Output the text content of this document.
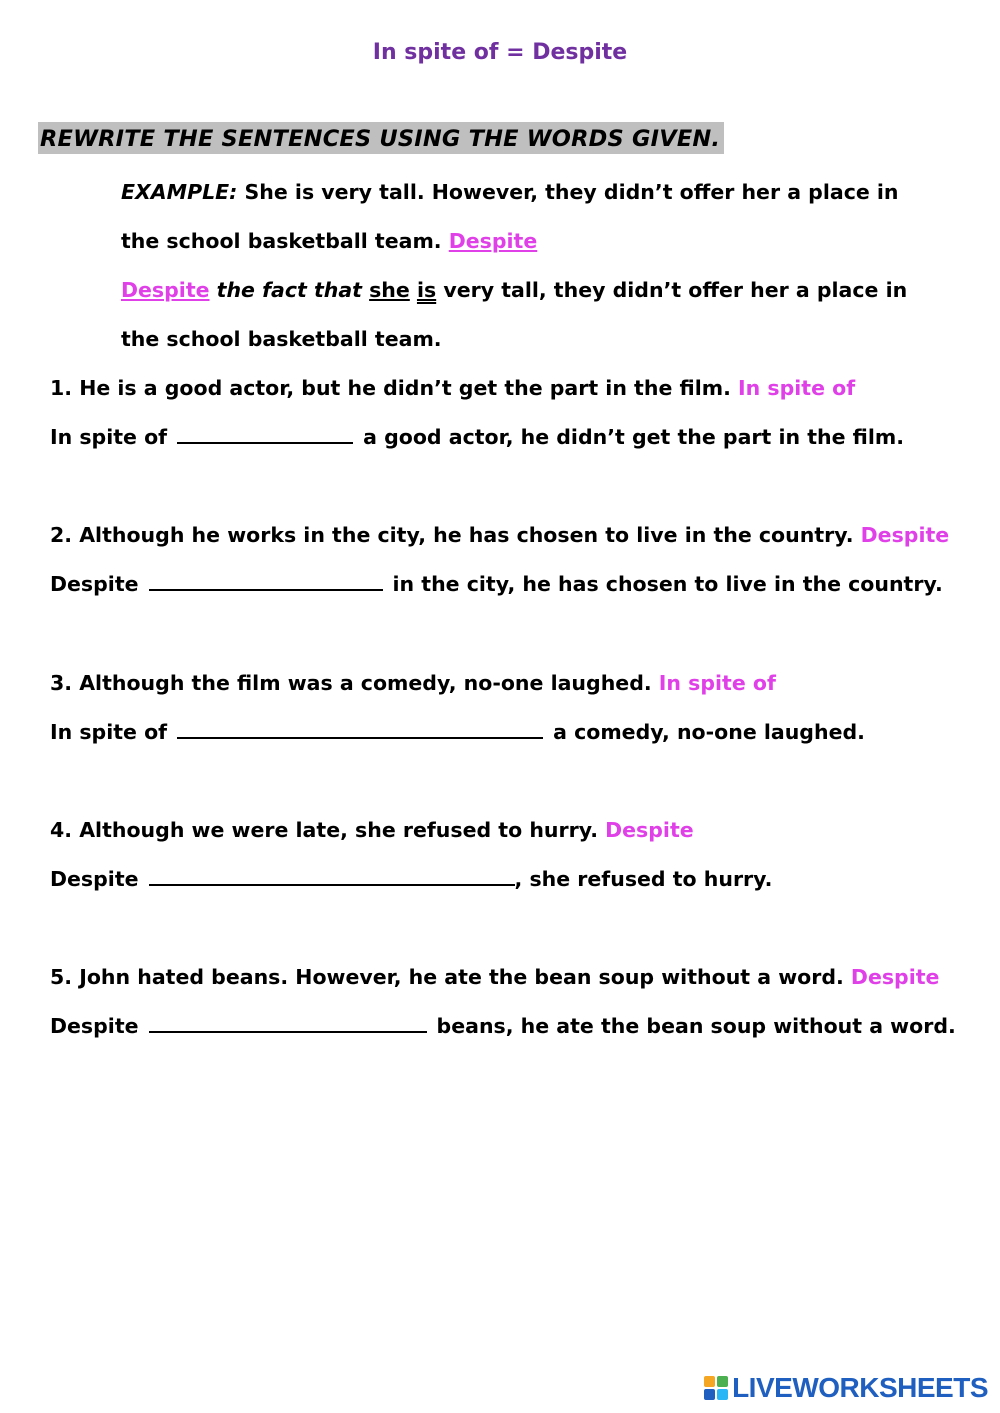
In spite of = Despite
REWRITE THE SENTENCES USING THE WORDS GIVEN.
EXAMPLE: She is very tall. However, they didn’t offer her a place in
the school basketball team. Despite
Despite the fact that she is very tall, they didn’t offer her a place in
the school basketball team.
1. He is a good actor, but he didn’t get the part in the film. In spite of
In spite of	a good actor, he didn’t get the part in the film.
2. Although he works in the city, he has chosen to live in the country. Despite
Despite	in the city, he has chosen to live in the country.
3. Although the film was a comedy, no-one laughed. In spite of
In spite of	a comedy, no-one laughed.
4. Although we were late, she refused to hurry. Despite
Despite	, she refused to hurry.
5. John hated beans. However, he ate the bean soup without a word. Despite
Despite	beans, he ate the bean soup without a word.
LIVEWORKSHEETS
